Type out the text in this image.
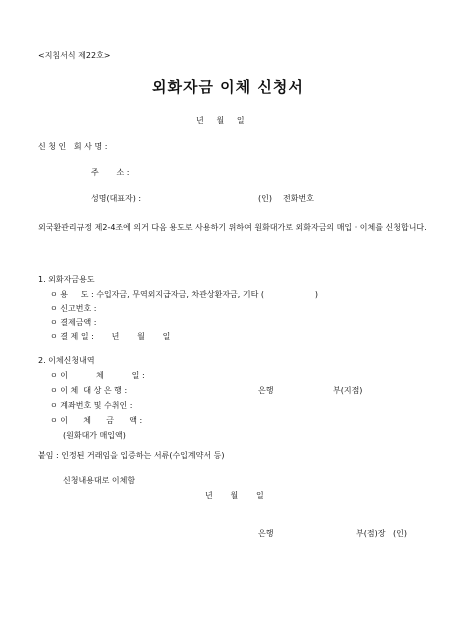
<지침서식 제22호>
외화자금 이체 신청서
년     월     일
신 청 인   회 사 명 :
주       소 :
성명(대표자) :	(인) 전화번호
외국환관리규정 제2-4조에 의거 다음 용도로 사용하기 위하여 원화대가로 외화자금의 매입 · 이체를 신청합니다.
1. 외화자금용도
ㅇ 용     도 : 수입자금, 무역외지급자금, 차관상환자금, 기타 (                    )
ㅇ 신고번호 :
ㅇ 결제금액 :
ㅇ 결 제 일 :       년       월       일
2. 이체신청내역
ㅇ 이           체           일 :
ㅇ 이 체  대 상 은 행 :	은행	부(지점)
ㅇ 계좌번호 및 수취인 :
ㅇ 이      체      금      액 :
(원화대가 매입액)
붙임 : 인정된 거래임을 입증하는 서류(수입계약서 등)
신청내용대로 이체함
년       월       일
은행	부(점)장   (인)
